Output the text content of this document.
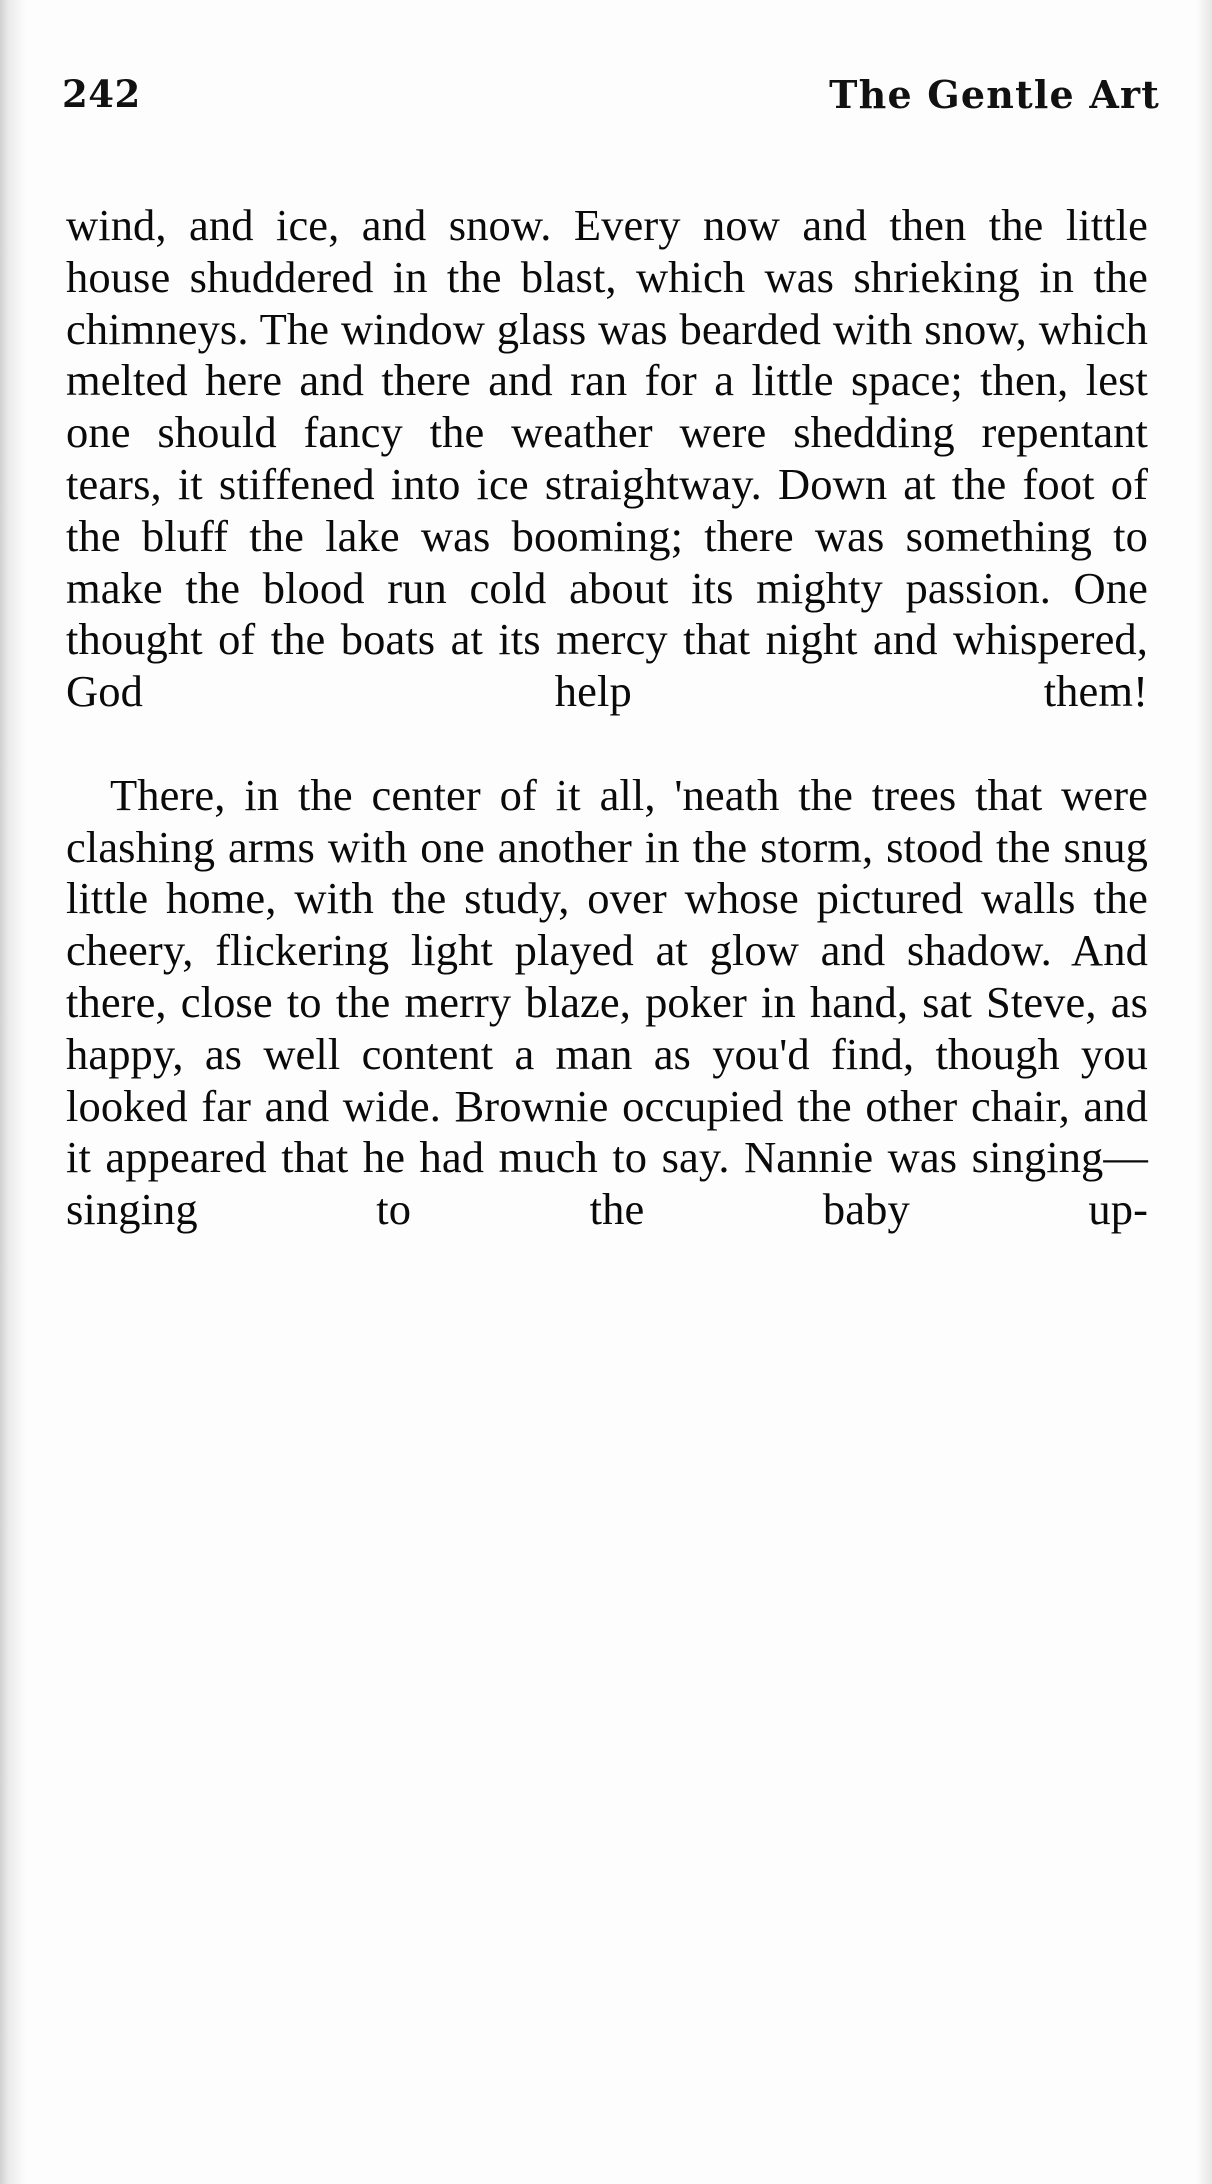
242	The Gentle Art

wind, and ice, and snow. Every now and then the little house shuddered in the blast, which was shrieking in the chimneys. The window glass was bearded with snow, which melted here and there and ran for a little space; then, lest one should fancy the weather were shedding repentant tears, it stiffened into ice straightway. Down at the foot of the bluff the lake was booming; there was something to make the blood run cold about its mighty passion. One thought of the boats at its mercy that night and whispered, God help them!

There, in the center of it all, 'neath the trees that were clashing arms with one another in the storm, stood the snug little home, with the study, over whose pictured walls the cheery, flickering light played at glow and shadow. And there, close to the merry blaze, poker in hand, sat Steve, as happy, as well content a man as you'd find, though you looked far and wide. Brownie occupied the other chair, and it appeared that he had much to say. Nannie was singing—singing to the baby up-
